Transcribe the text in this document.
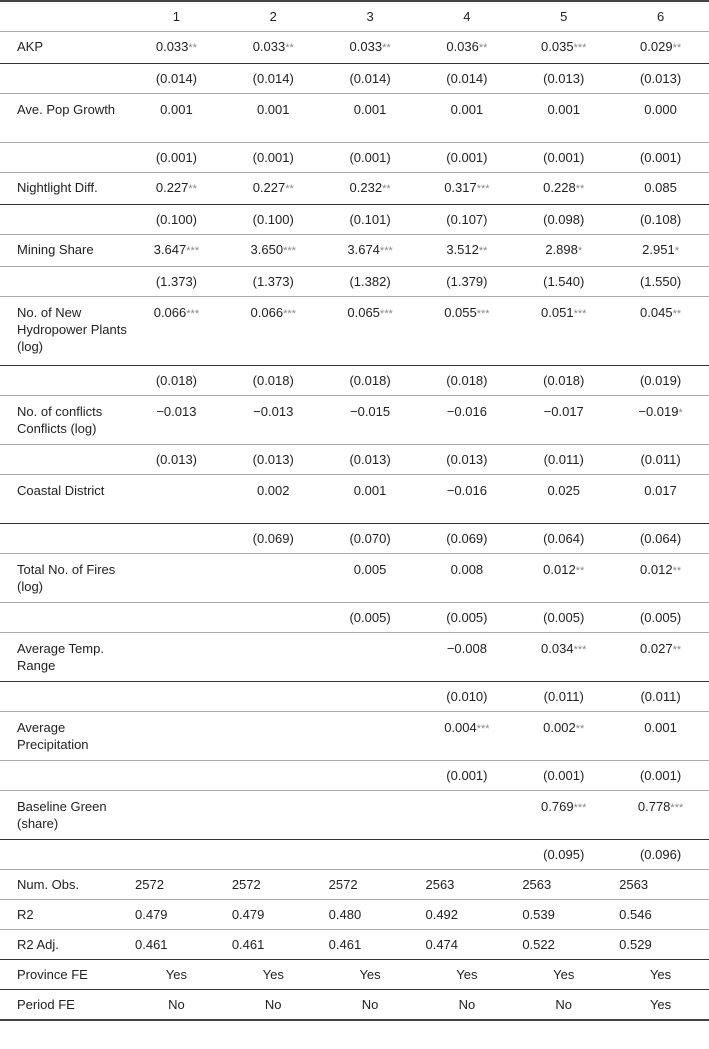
	1	2	3	4	5	6
AKP	0.033**	0.033**	0.033**	0.036**	0.035***	0.029**
	(0.014)	(0.014)	(0.014)	(0.014)	(0.013)	(0.013)
Ave. Pop Growth	0.001	0.001	0.001	0.001	0.001	0.000
	(0.001)	(0.001)	(0.001)	(0.001)	(0.001)	(0.001)
Nightlight Diff.	0.227**	0.227**	0.232**	0.317***	0.228**	0.085
	(0.100)	(0.100)	(0.101)	(0.107)	(0.098)	(0.108)
Mining Share	3.647***	3.650***	3.674***	3.512**	2.898*	2.951*
	(1.373)	(1.373)	(1.382)	(1.379)	(1.540)	(1.550)
No. of New Hydropower Plants (log)	0.066***	0.066***	0.065***	0.055***	0.051***	0.045**
	(0.018)	(0.018)	(0.018)	(0.018)	(0.018)	(0.019)
No. of conflicts Conflicts (log)	−0.013	−0.013	−0.015	−0.016	−0.017	−0.019*
	(0.013)	(0.013)	(0.013)	(0.013)	(0.011)	(0.011)
Coastal District		0.002	0.001	−0.016	0.025	0.017
		(0.069)	(0.070)	(0.069)	(0.064)	(0.064)
Total No. of Fires (log)			0.005	0.008	0.012**	0.012**
			(0.005)	(0.005)	(0.005)	(0.005)
Average Temp. Range				−0.008	0.034***	0.027**
				(0.010)	(0.011)	(0.011)
Average Precipitation				0.004***	0.002**	0.001
				(0.001)	(0.001)	(0.001)
Baseline Green (share)					0.769***	0.778***
					(0.095)	(0.096)
Num. Obs.	2572	2572	2572	2563	2563	2563
R2	0.479	0.479	0.480	0.492	0.539	0.546
R2 Adj.	0.461	0.461	0.461	0.474	0.522	0.529
Province FE	Yes	Yes	Yes	Yes	Yes	Yes
Period FE	No	No	No	No	No	Yes
